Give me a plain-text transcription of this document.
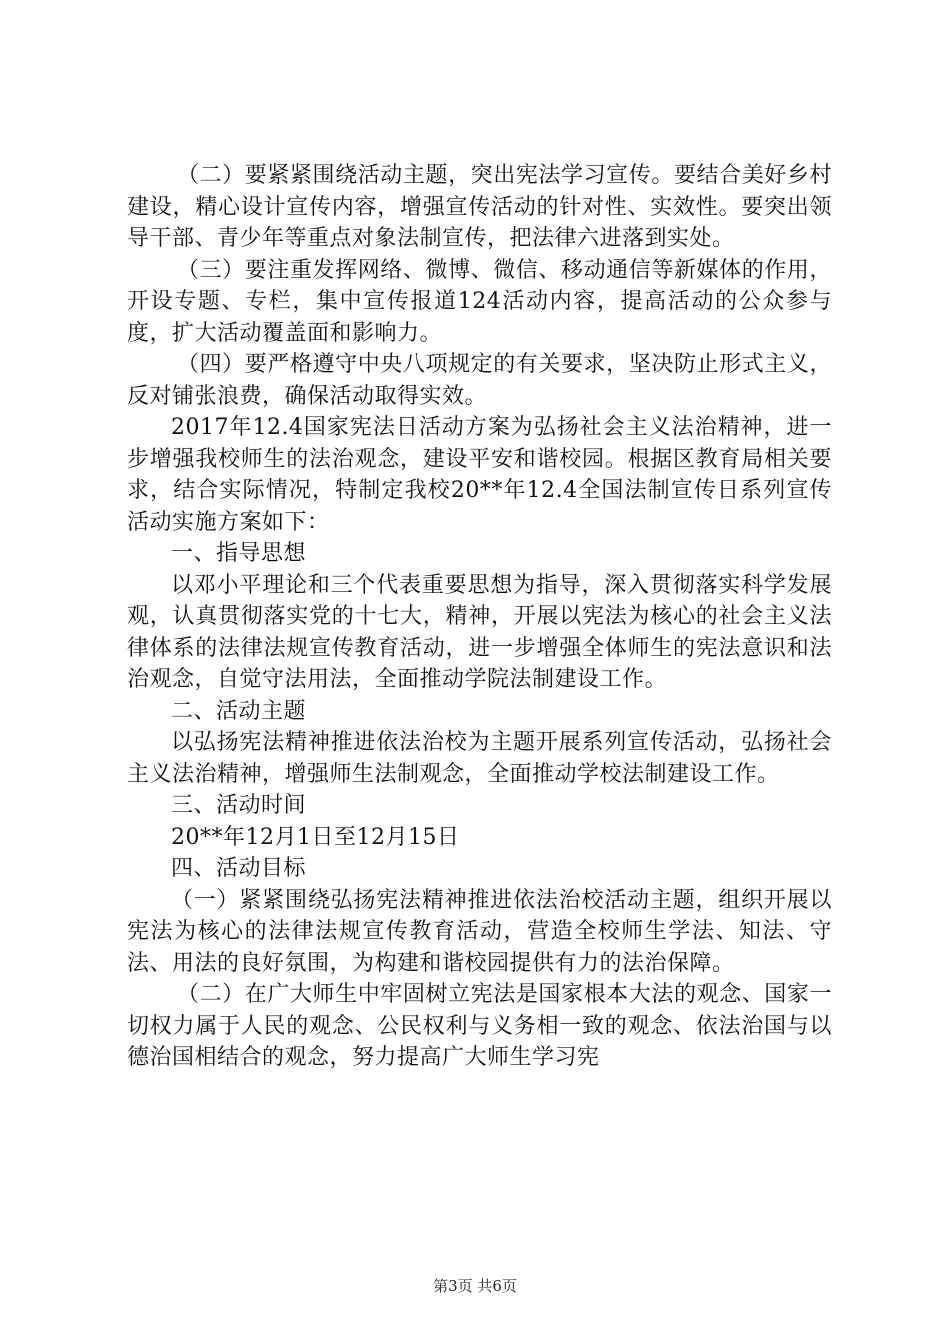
（二）要紧紧围绕活动主题，突出宪法学习宣传。要结合美好乡村建设，精心设计宣传内容，增强宣传活动的针对性、实效性。要突出领导干部、青少年等重点对象法制宣传，把法律六进落到实处。

（三）要注重发挥网络、微博、微信、移动通信等新媒体的作用，开设专题、专栏，集中宣传报道124活动内容，提高活动的公众参与度，扩大活动覆盖面和影响力。

（四）要严格遵守中央八项规定的有关要求，坚决防止形式主义，反对铺张浪费，确保活动取得实效。

2017年12.4国家宪法日活动方案为弘扬社会主义法治精神，进一步增强我校师生的法治观念，建设平安和谐校园。根据区教育局相关要求，结合实际情况，特制定我校20**年12.4全国法制宣传日系列宣传活动实施方案如下：

一、指导思想

以邓小平理论和三个代表重要思想为指导，深入贯彻落实科学发展观，认真贯彻落实党的十七大，精神，开展以宪法为核心的社会主义法律体系的法律法规宣传教育活动，进一步增强全体师生的宪法意识和法治观念，自觉守法用法，全面推动学院法制建设工作。

二、活动主题

以弘扬宪法精神推进依法治校为主题开展系列宣传活动，弘扬社会主义法治精神，增强师生法制观念，全面推动学校法制建设工作。

三、活动时间

20**年12月1日至12月15日

四、活动目标

（一）紧紧围绕弘扬宪法精神推进依法治校活动主题，组织开展以宪法为核心的法律法规宣传教育活动，营造全校师生学法、知法、守法、用法的良好氛围，为构建和谐校园提供有力的法治保障。

（二）在广大师生中牢固树立宪法是国家根本大法的观念、国家一切权力属于人民的观念、公民权利与义务相一致的观念、依法治国与以德治国相结合的观念，努力提高广大师生学习宪

第3页 共6页
